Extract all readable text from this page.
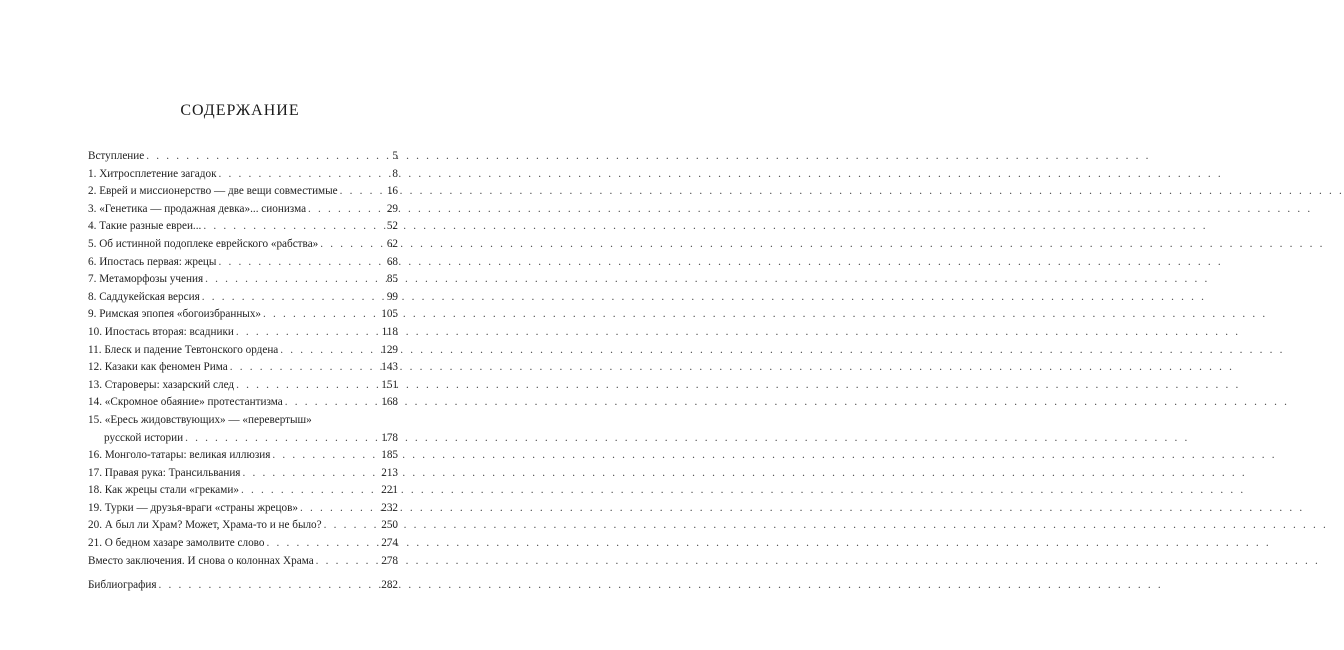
СОДЕРЖАНИЕ
Вступление . . .	5
1. Хитросплетение загадок . . .	8
2. Еврей и миссионерство — две вещи совместимые . . .	16
3. «Генетика — продажная девка»... сионизма . . .	29
4. Такие разные евреи... . . .	52
5. Об истинной подоплеке еврейского «рабства» . . .	62
6. Ипостась первая: жрецы . . .	68
7. Метаморфозы учения . . .	85
8. Саддукейская версия . . .	99
9. Римская эпопея «богоизбранных» . . .	105
10. Ипостась вторая: всадники . . .	118
11. Блеск и падение Тевтонского ордена . . .	129
12. Казаки как феномен Рима . . .	143
13. Староверы: хазарский след . . .	151
14. «Скромное обаяние» протестантизма . . .	168
15. «Ересь жидовствующих» — «перевертыш»
русской истории . . .	178
16. Монголо-татары: великая иллюзия . . .	185
17. Правая рука: Трансильвания . . .	213
18. Как жрецы стали «греками» . . .	221
19. Турки — друзья-враги «страны жрецов» . . .	232
20. А был ли Храм? Может, Храма-то и не было? . . .	250
21. О бедном хазаре замолвите слово . . .	274
Вместо заключения. И снова о колоннах Храма . . .	278
Библиография . . .	282
